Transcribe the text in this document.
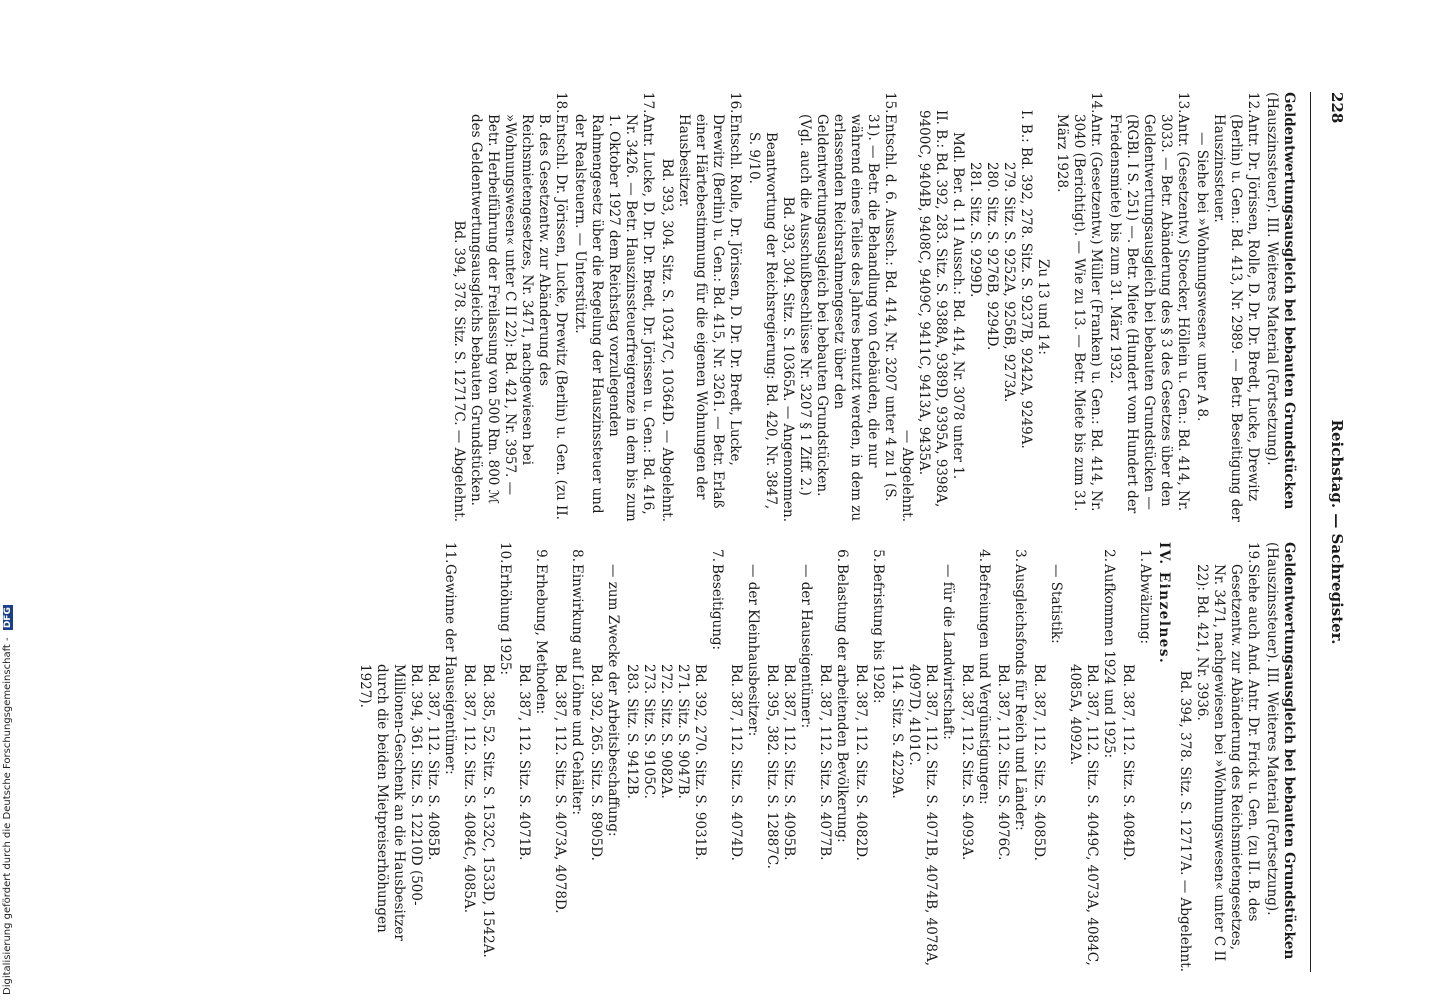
228
Reichstag. — Sachregister.

Geldentwertungsausgleich bei bebauten Grundstücken (Hauszinssteuer). III. Weiteres Material (Fortsetzung).

12.
Antr. Dr. Jörissen, Rolle, D. Dr. Dr. Bredt, Lucke, Drewitz (Berlin) u. Gen.: Bd. 413, Nr. 2989. — Betr. Beseitigung der Hauszinssteuer.
— Siehe bei »Wohnungswesen« unter A 8.
13.
Antr. (Gesetzentw.) Stoecker, Höllein u. Gen.: Bd. 414, Nr. 3033. — Betr. Abänderung des § 3 des Gesetzes über den Geldentwertungsausgleich bei bebauten Grundstücken — (RGBl. I S. 251) —. Betr. Miete (Hundert vom Hundert der Friedensmiete) bis zum 31. März 1932.
14.
Antr. (Gesetzentw.) Müller (Franken) u. Gen.: Bd. 414, Nr. 3040 (Berichtigt). — Wie zu 13. — Betr. Miete bis zum 31. März 1928.

Zu 13 und 14:

I. B.: Bd. 392, 278. Sitz. S. 9237B, 9242A, 9249A.

279. Sitz. S. 9252A, 9256B, 9273A.

280. Sitz. S. 9276B, 9294D.

281. Sitz. S. 9299D.

Mdl. Ber. d. 11 Aussch.: Bd. 414, Nr. 3078 unter 1.

II. B.: Bd. 392, 283. Sitz. S. 9388A, 9389D, 9395A, 9398A, 9400C, 9404B, 9408C, 9409C, 9411C, 9413A, 9435A.

— Abgelehnt.

15.
Entschl. d. 6. Aussch.: Bd. 414, Nr. 3207 unter 4 zu 1 (S. 31). — Betr. die Behandlung von Gebäuden, die nur während eines Teiles des Jahres benutzt werden, in dem zu erlassenden Reichsrahmengesetz über den Geldentwertungsausgleich bei bebauten Grundstücken. (Vgl. auch die Ausschußbeschlüsse Nr. 3207 § 1 Ziff. 2.)
Bd. 393, 304. Sitz. S. 10365A. — Angenommen.
Beantwortung der Reichsregierung: Bd. 420, Nr. 3847, S. 9/10.
16.
Entschl. Rolle, Dr. Jörissen, D. Dr. Dr. Bredt, Lucke, Drewitz (Berlin) u. Gen.: Bd. 415, Nr. 3261. — Betr. Erlaß einer Härtebestimmung für die eigenen Wohnungen der Hausbesitzer.
Bd. 393, 304. Sitz. S. 10347C, 10364D. — Abgelehnt.
17.
Antr. Lucke, D. Dr. Dr. Bredt, Dr. Jörissen u. Gen.: Bd. 416, Nr. 3426. — Betr. Hauszinssteuerfreigrenze in dem bis zum 1. Oktober 1927 dem Reichstag vorzulegenden Rahmengesetz über die Regelung der Hauszinssteuer und der Realsteuern. — Unterstützt.
18.
Entschl. Dr. Jörissen, Lucke, Drewitz (Berlin) u. Gen. (zu II. B. des Gesetzentw. zur Abänderung des Reichsmietengesetzes, Nr. 3471, nachgewiesen bei »Wohnungswesen« unter C II 22): Bd. 421, Nr. 3957. — Betr. Herbeiführung der Freilassung von 500 Rm. 800 ℳ des Geldentwertungsausgleichs bebauten Grundstücken.
Bd. 394, 378. Sitz. S. 12717C. — Abgelehnt.

Geldentwertungsausgleich bei bebauten Grundstücken (Hauszinssteuer). III. Weiteres Material (Fortsetzung).

19.
Siehe auch And. Antr. Dr. Frick u. Gen. (zu II. B. des Gesetzentw. zur Abänderung des Reichsmietengesetzes, Nr. 3471, nachgewiesen bei »Wohnungswesen« unter C II 22): Bd. 421, Nr. 3936.
Bd. 394, 378. Sitz. S. 12717A. — Abgelehnt.

IV. Einzelnes.

1.
Abwälzung:
Bd. 387, 112. Sitz. S. 4084D.
2.
Aufkommen 1924 und 1925:
Bd. 387, 112. Sitz. S. 4049C, 4073A, 4084C, 4085A, 4092A.
— Statistik:
Bd. 387, 112. Sitz. S. 4085D.
3.
Ausgleichsfonds für Reich und Länder:
Bd. 387, 112. Sitz. S. 4076C.
4.
Befreiungen und Vergünstigungen:
Bd. 387, 112. Sitz. S. 4093A.
— für die Landwirtschaft:
Bd. 387, 112. Sitz. S. 4071B, 4074B, 4078A, 4097D, 4101C.
114. Sitz. S. 4229A.
5.
Befristung bis 1928:
Bd. 387, 112. Sitz. S. 4082D.
6.
Belastung der arbeitenden Bevölkerung:
Bd. 387, 112. Sitz. S. 4077B.
— der Hauseigentümer:
Bd. 387, 112. Sitz. S. 4095B.
Bd. 395, 382. Sitz. S. 12887C.
— der Kleinhausbesitzer:
Bd. 387, 112. Sitz. S. 4074D.
7.
Beseitigung:
Bd. 392, 270. Sitz. S. 9031B.
271. Sitz. S. 9047B.
272. Sitz. S. 9082A.
273. Sitz. S. 9105C.
283. Sitz. S. 9412B.
— zum Zwecke der Arbeitsbeschaffung:
Bd. 392, 265. Sitz. S. 8905D.
8.
Einwirkung auf Löhne und Gehälter:
Bd. 387, 112. Sitz. S. 4073A, 4078D.
9.
Erhebung, Methoden:
Bd. 387, 112. Sitz. S. 4071B.
10.
Erhöhung 1925:
Bd. 385, 52. Sitz. S. 1532C, 1533D, 1542A.
Bd. 387, 112. Sitz. S. 4084C, 4085A.
11.
Gewinne der Hauseigentümer:
Bd. 387, 112. Sitz. S. 4085B.
Bd. 394, 361. Sitz. S. 12210D (500-Millionen-Geschenk an die Hausbesitzer durch die beiden Mietpreiserhöhungen 1927).
Digitalisierung gefördert durch die Deutsche Forschungsgemeinschaft - DFG
